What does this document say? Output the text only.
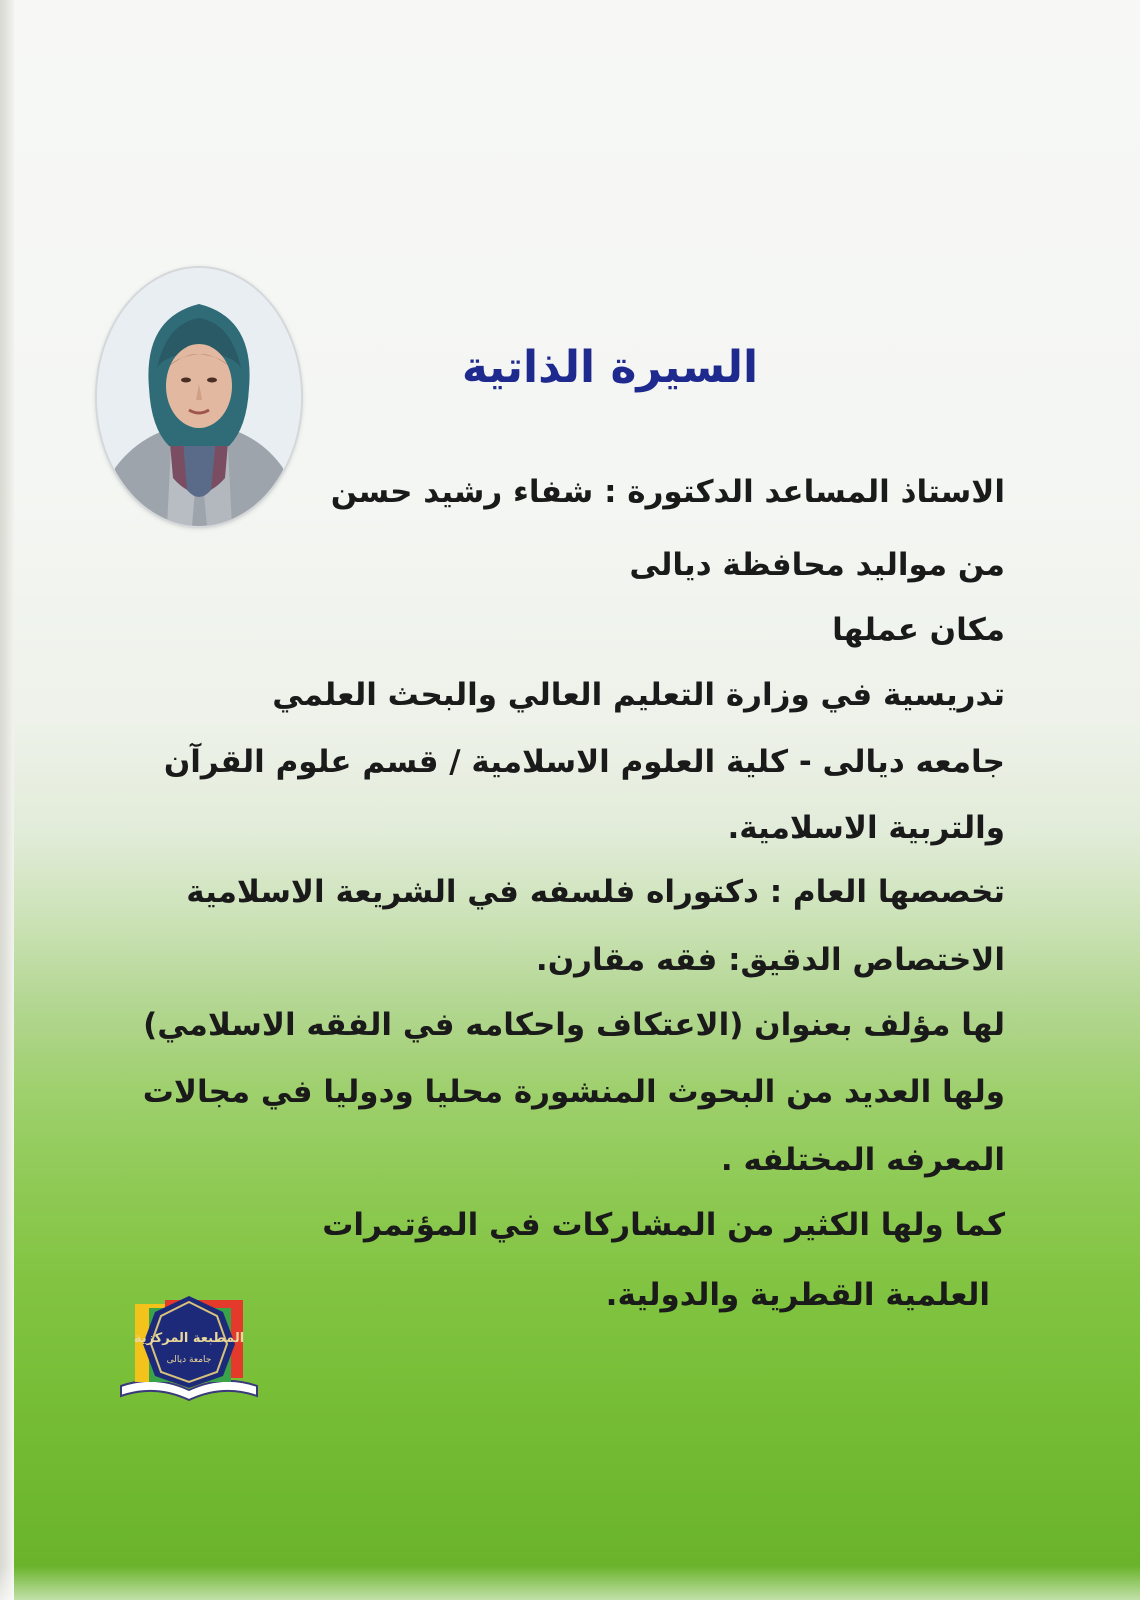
السيرة الذاتية
الاستاذ المساعد الدكتورة : شفاء رشيد حسن
من مواليد محافظة ديالى
مكان عملها
تدريسية في وزارة التعليم العالي والبحث العلمي
جامعه ديالى - كلية العلوم الاسلامية / قسم علوم القرآن
والتربية الاسلامية.
تخصصها العام : دكتوراه فلسفه في الشريعة الاسلامية
الاختصاص الدقيق: فقه مقارن.
لها مؤلف بعنوان (الاعتكاف واحكامه في الفقه الاسلامي)
ولها العديد من البحوث المنشورة محليا ودوليا في مجالات
المعرفه المختلفه .
كما ولها الكثير من المشاركات في المؤتمرات
العلمية القطرية والدولية.
المطبعة المركزية
جامعة ديالى
